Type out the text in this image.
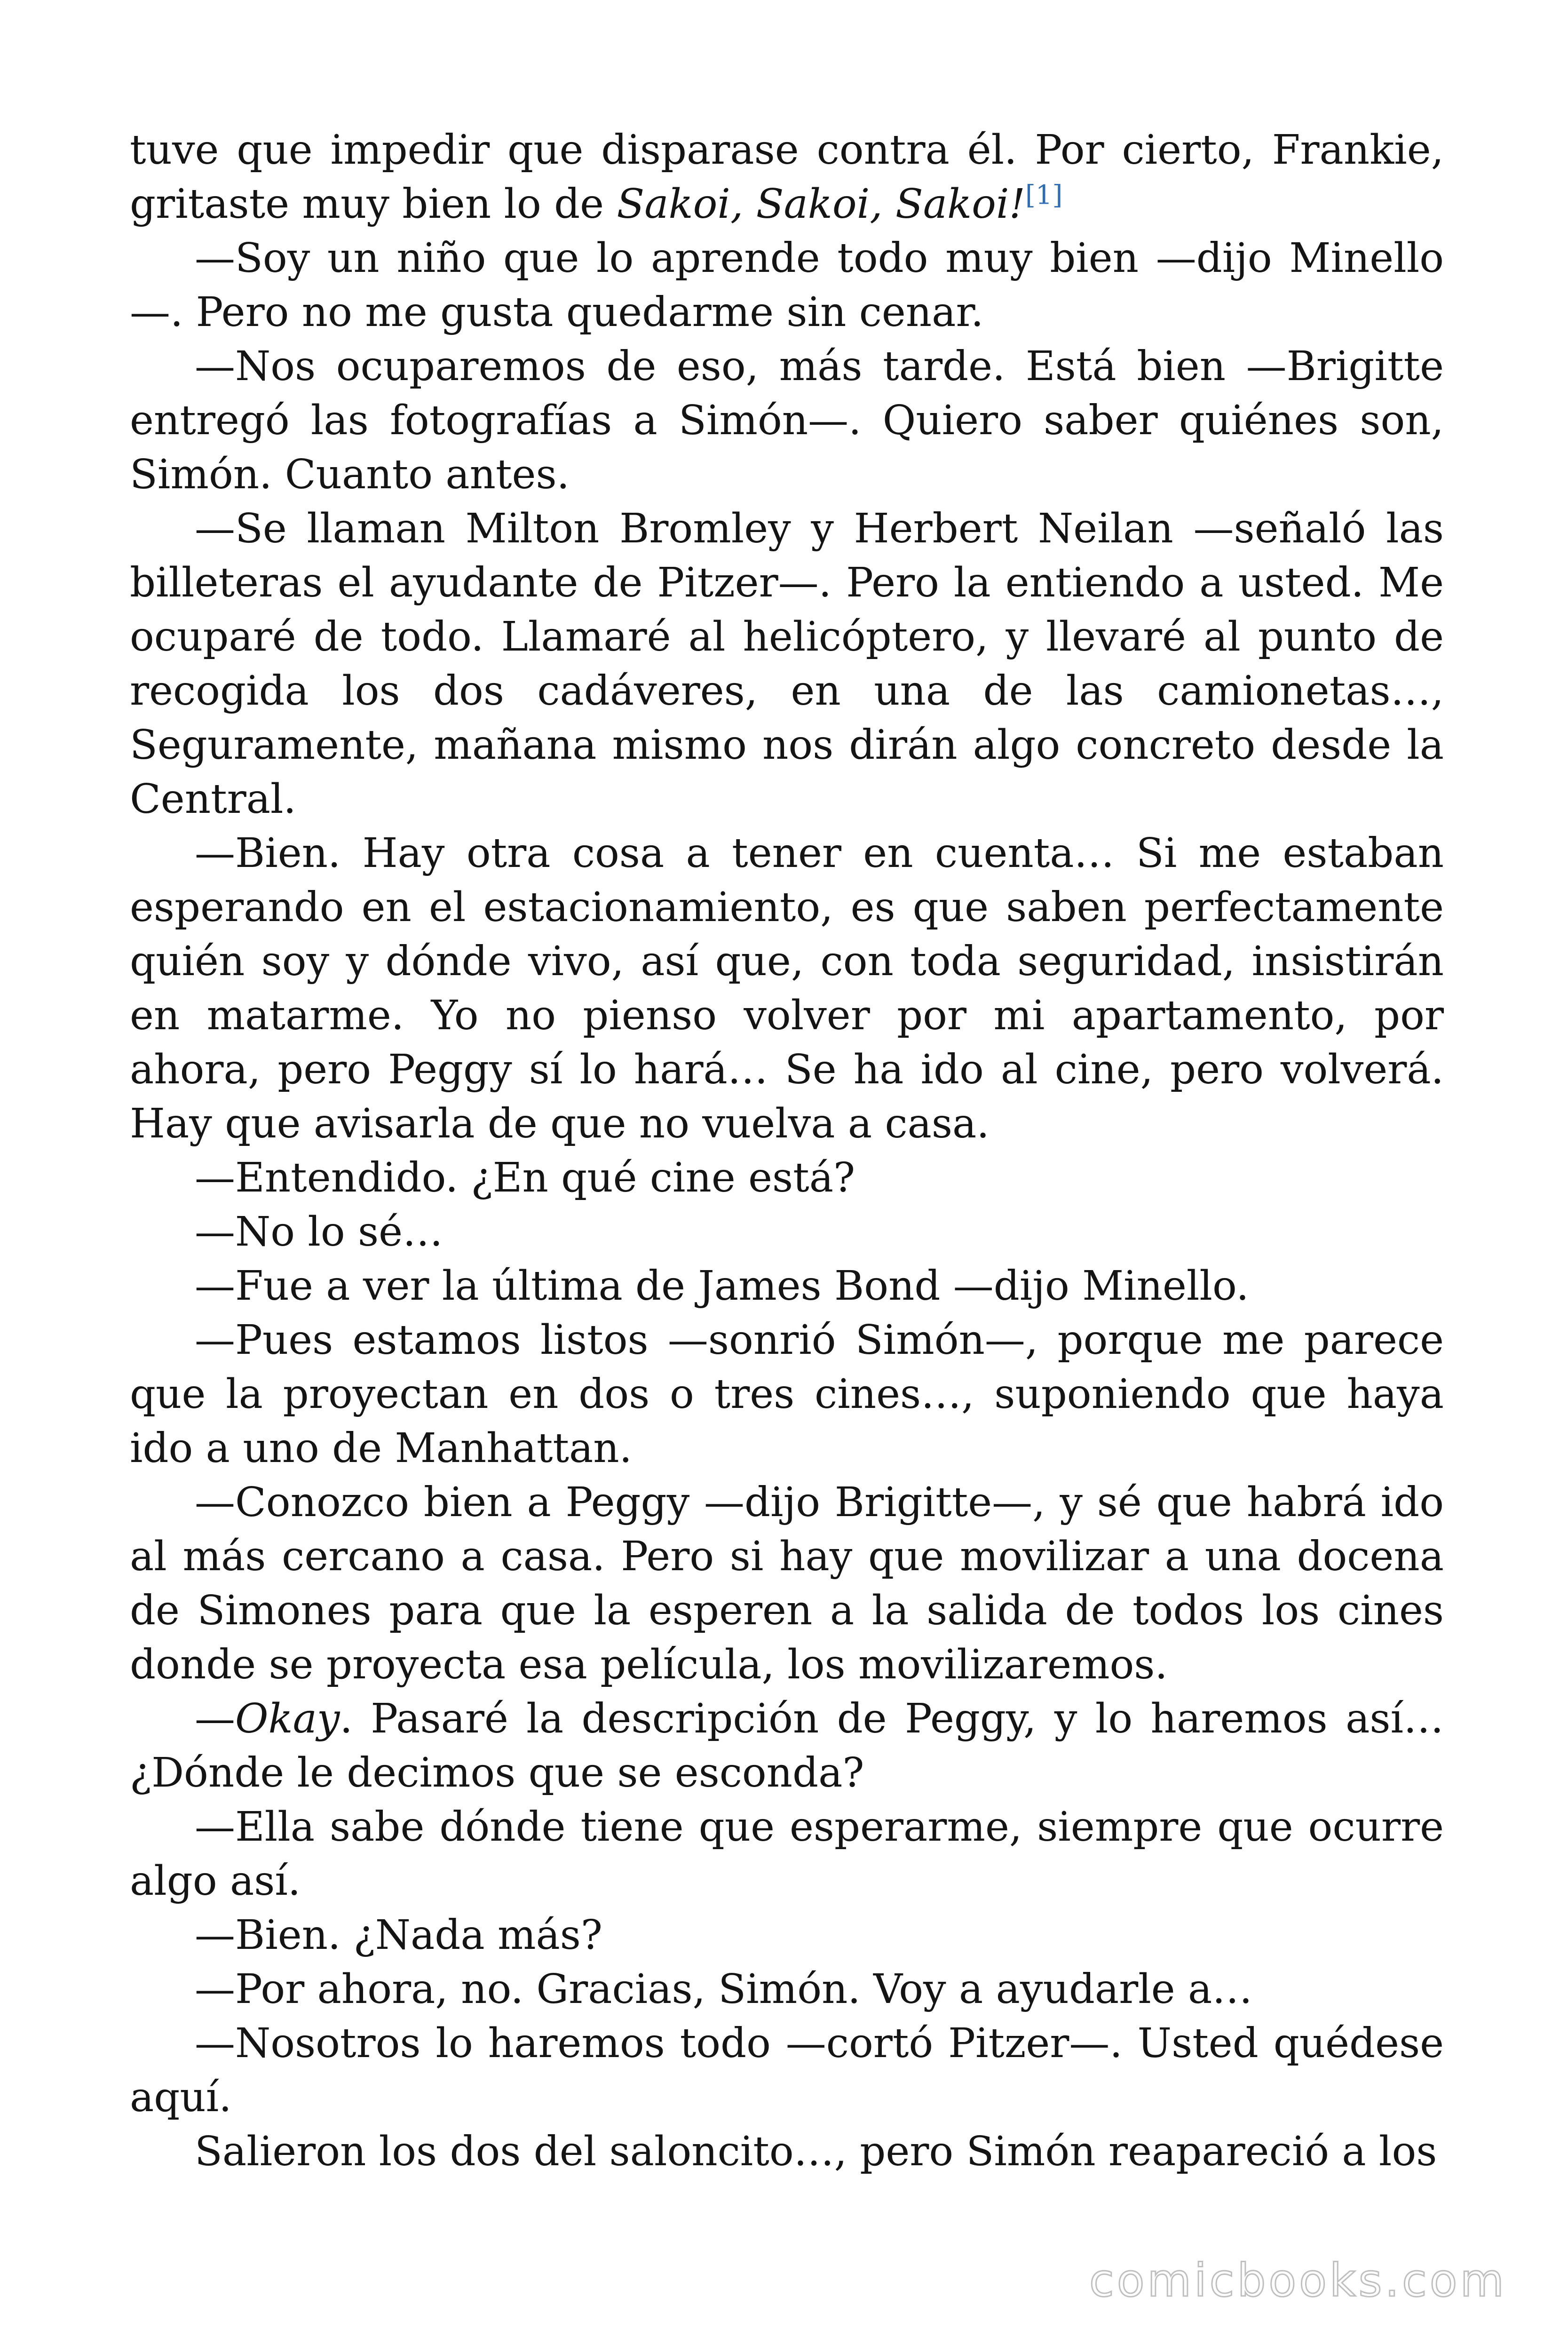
tuve que impedir que disparase contra él. Por cierto, Frankie, gritaste muy bien lo de Sakoi, Sakoi, Sakoi![1]

—Soy un niño que lo aprende todo muy bien —dijo Minello—. Pero no me gusta quedarme sin cenar.

—Nos ocuparemos de eso, más tarde. Está bien —Brigitte entregó las fotografías a Simón—. Quiero saber quiénes son, Simón. Cuanto antes.

—Se llaman Milton Bromley y Herbert Neilan —señaló las billeteras el ayudante de Pitzer—. Pero la entiendo a usted. Me ocuparé de todo. Llamaré al helicóptero, y llevaré al punto de recogida los dos cadáveres, en una de las camionetas…, Seguramente, mañana mismo nos dirán algo concreto desde la Central.

—Bien. Hay otra cosa a tener en cuenta… Si me estaban esperando en el estacionamiento, es que saben perfectamente quién soy y dónde vivo, así que, con toda seguridad, insistirán en matarme. Yo no pienso volver por mi apartamento, por ahora, pero Peggy sí lo hará… Se ha ido al cine, pero volverá. Hay que avisarla de que no vuelva a casa.

—Entendido. ¿En qué cine está?

—No lo sé…

—Fue a ver la última de James Bond —dijo Minello.

—Pues estamos listos —sonrió Simón—, porque me parece que la proyectan en dos o tres cines…, suponiendo que haya ido a uno de Manhattan.

—Conozco bien a Peggy —dijo Brigitte—, y sé que habrá ido al más cercano a casa. Pero si hay que movilizar a una docena de Simones para que la esperen a la salida de todos los cines donde se proyecta esa película, los movilizaremos.

—Okay. Pasaré la descripción de Peggy, y lo haremos así… ¿Dónde le decimos que se esconda?

—Ella sabe dónde tiene que esperarme, siempre que ocurre algo así.

—Bien. ¿Nada más?

—Por ahora, no. Gracias, Simón. Voy a ayudarle a…

—Nosotros lo haremos todo —cortó Pitzer—. Usted quédese aquí.

Salieron los dos del saloncito…, pero Simón reapareció a los

comicbooks.com
